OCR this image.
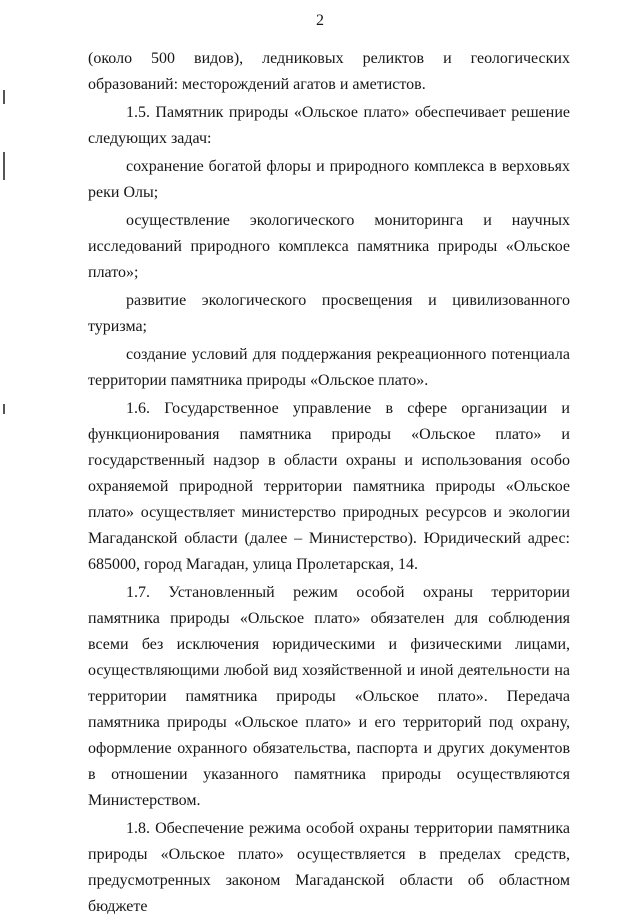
2

(около 500 видов), ледниковых реликтов и геологических образований: месторождений агатов и аметистов.

1.5. Памятник природы «Ольское плато» обеспечивает решение следующих задач:

сохранение богатой флоры и природного комплекса в верховьях реки Олы;

осуществление экологического мониторинга и научных исследований природного комплекса памятника природы «Ольское плато»;

развитие экологического просвещения и цивилизованного туризма;

создание условий для поддержания рекреационного потенциала территории памятника природы «Ольское плато».

1.6. Государственное управление в сфере организации и функционирования памятника природы «Ольское плато» и государственный надзор в области охраны и использования особо охраняемой природной территории памятника природы «Ольское плато» осуществляет министерство природных ресурсов и экологии Магаданской области (далее – Министерство). Юридический адрес: 685000, город Магадан, улица Пролетарская, 14.

1.7. Установленный режим особой охраны территории памятника природы «Ольское плато» обязателен для соблюдения всеми без исключения юридическими и физическими лицами, осуществляющими любой вид хозяйственной и иной деятельности на территории памятника природы «Ольское плато». Передача памятника природы «Ольское плато» и его территорий под охрану, оформление охранного обязательства, паспорта и других документов в отношении указанного памятника природы осуществляются Министерством.

1.8. Обеспечение режима особой охраны территории памятника природы «Ольское плато» осуществляется в пределах средств, предусмотренных законом Магаданской области об областном бюджете
